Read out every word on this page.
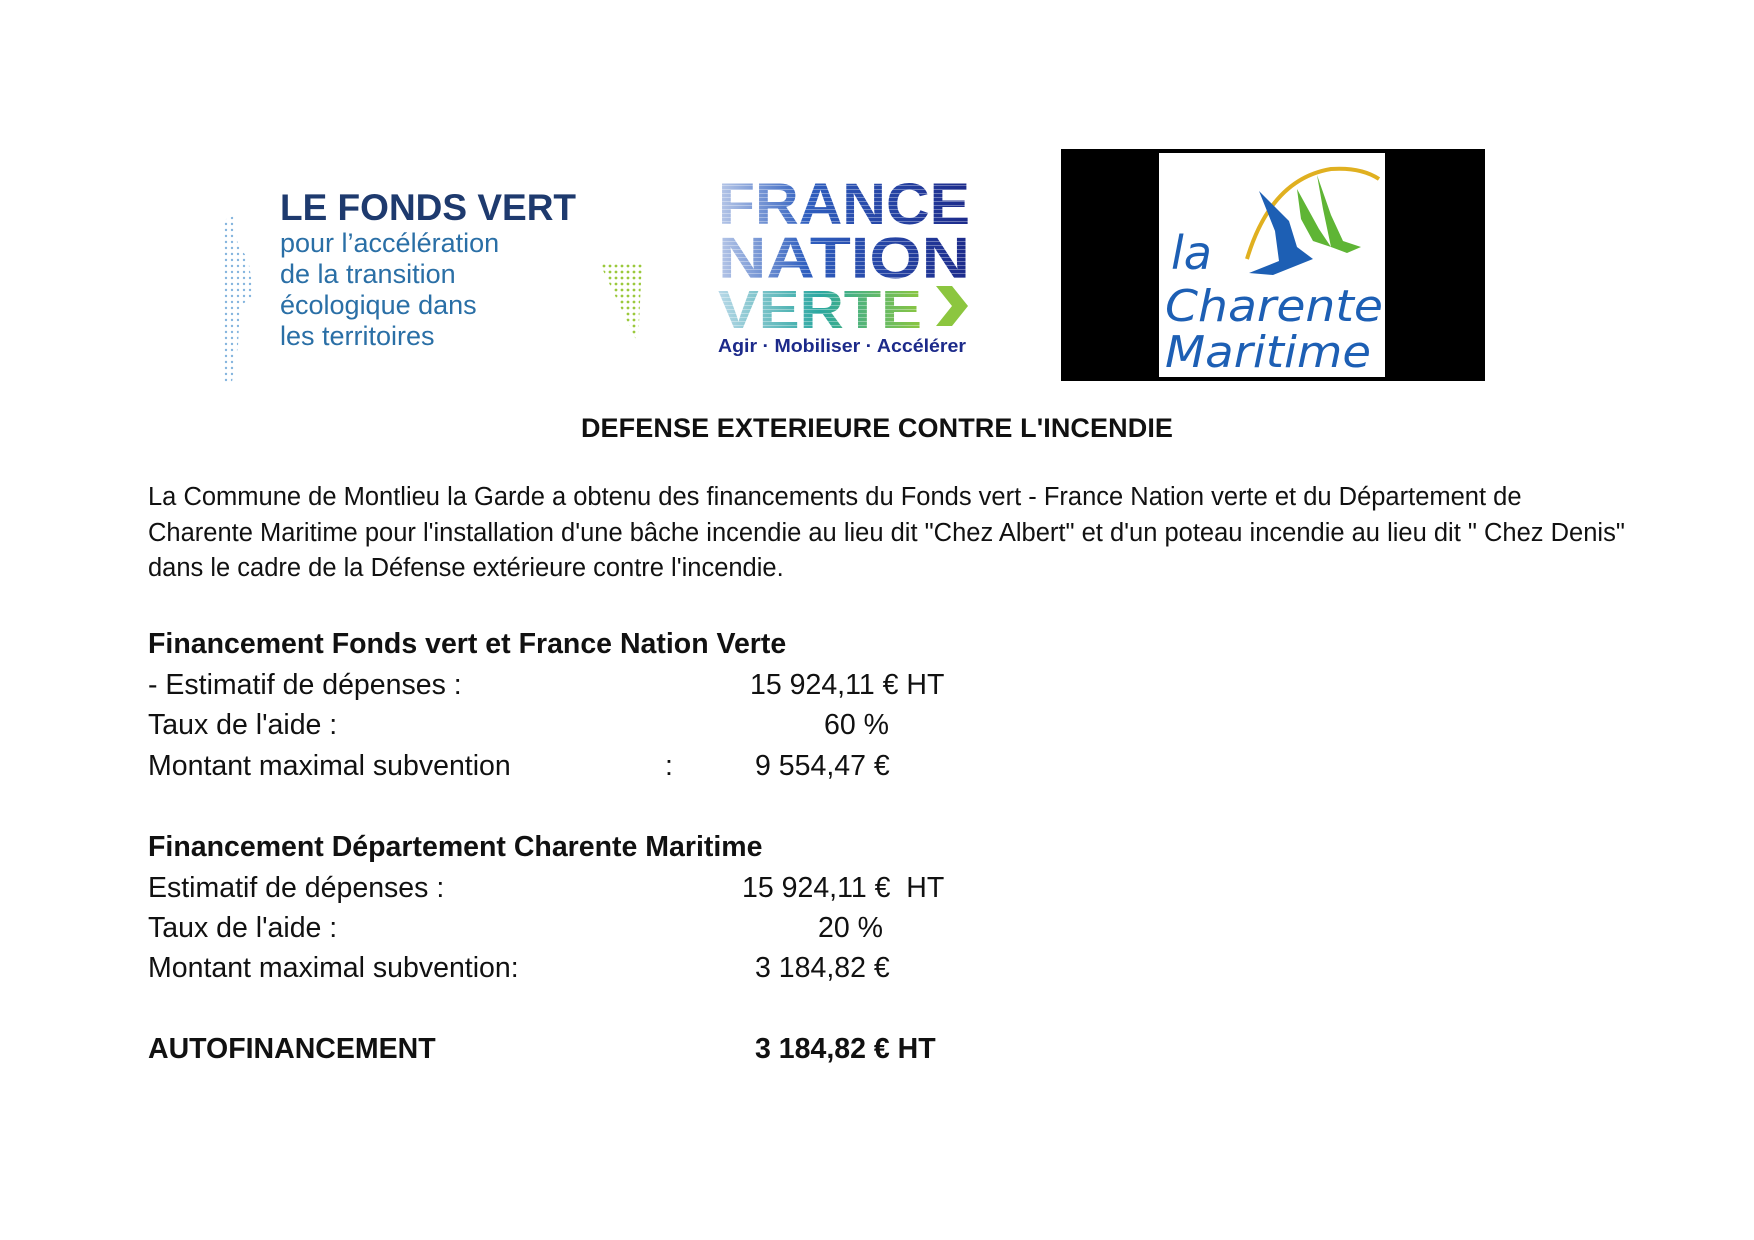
LE FONDS VERT
pour l’accélération
de la transition
écologique dans
les territoires	Agir · Mobiliser · Accélérer
la
Charente
Maritime
DEFENSE EXTERIEURE CONTRE L'INCENDIE

La Commune de Montlieu la Garde a obtenu des financements du Fonds vert - France Nation verte et du Département de Charente Maritime pour l'installation d'une bâche incendie au lieu dit "Chez Albert" et d'un poteau incendie au lieu dit " Chez Denis" dans le cadre de la Défense extérieure contre l'incendie.

Financement Fonds vert et France Nation Verte
- Estimatif de dépenses :	15 924,11 € HT
Taux de l'aide :	60 %
Montant maximal subvention	:	9 554,47 €
Financement Département Charente Maritime
Estimatif de dépenses :	15 924,11 €  HT
Taux de l'aide :	20 %
Montant maximal subvention:	3 184,82 €
AUTOFINANCEMENT	3 184,82 € HT
